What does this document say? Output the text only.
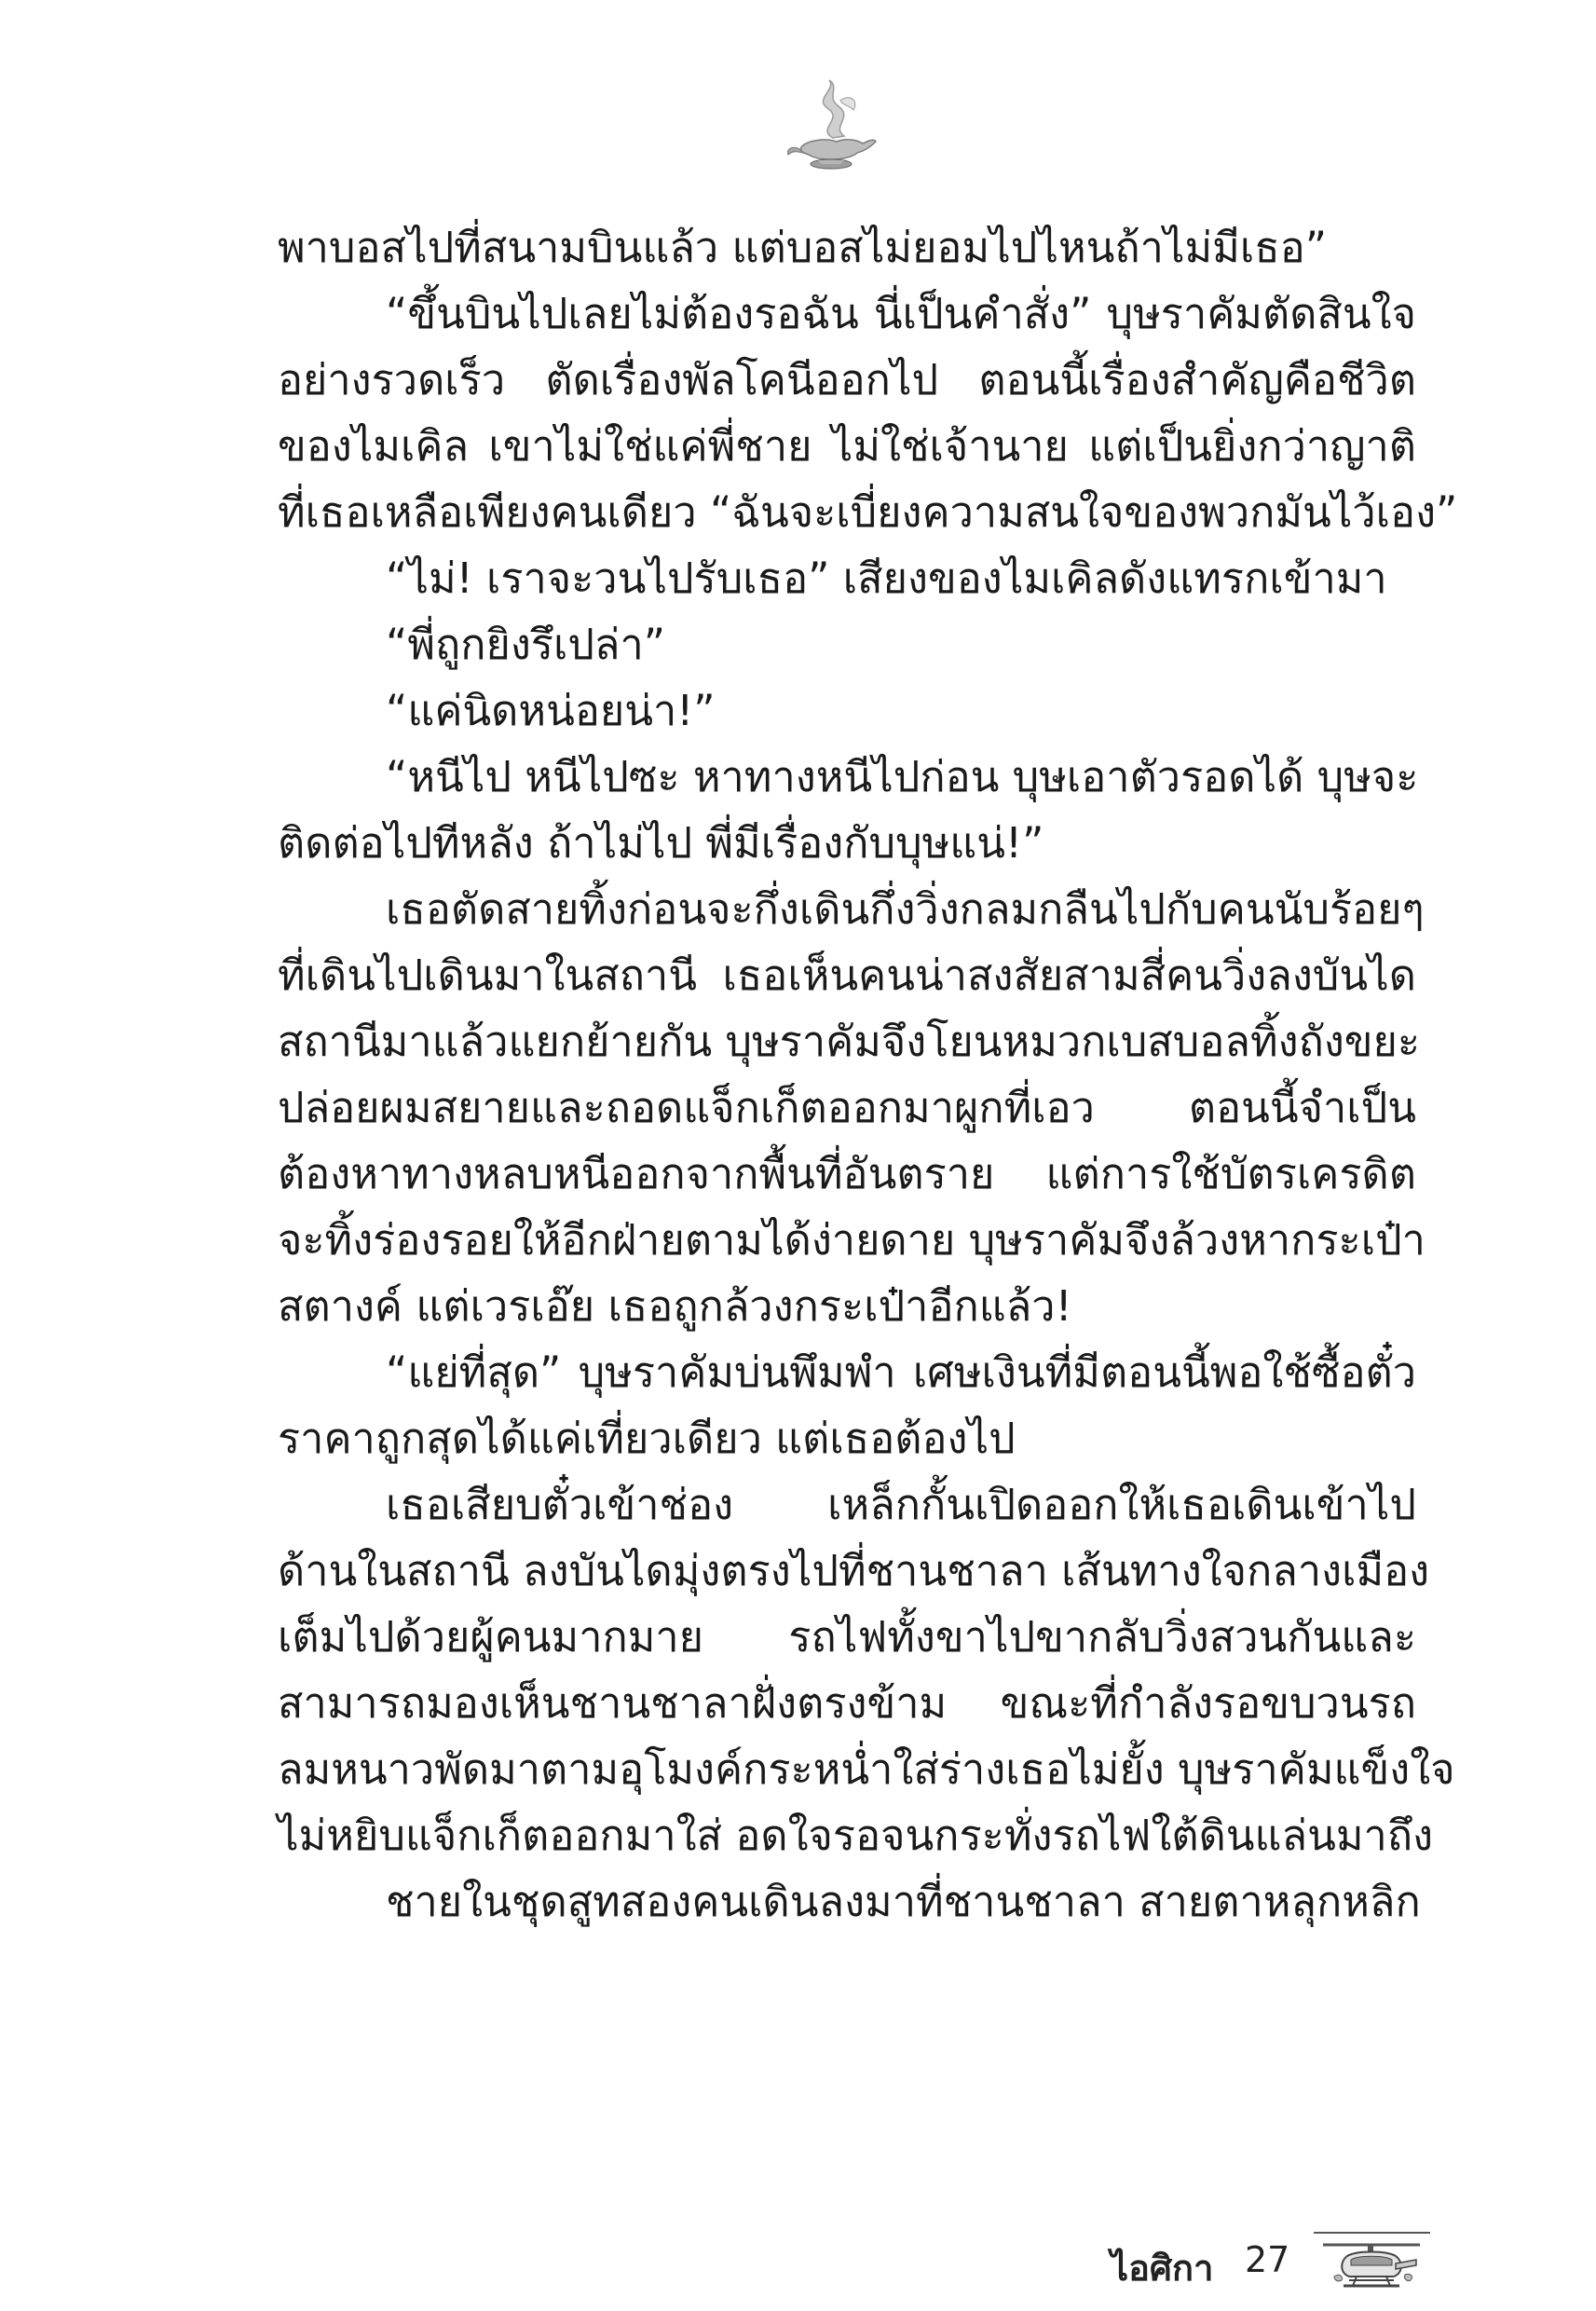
พาบอสไปที่สนามบินแล้ว แต่บอสไม่ยอมไปไหนถ้าไม่มีเธอ”
“ขึ้นบินไปเลยไม่ต้องรอฉัน นี่เป็นคำสั่ง” บุษราคัมตัดสินใจ
อย่างรวดเร็ว ตัดเรื่องพัลโคนีออกไป ตอนนี้เรื่องสำคัญคือชีวิต
ของไมเคิล เขาไม่ใช่แค่พี่ชาย ไม่ใช่เจ้านาย แต่เป็นยิ่งกว่าญาติ
ที่เธอเหลือเพียงคนเดียว “ฉันจะเบี่ยงความสนใจของพวกมันไว้เอง”
“ไม่! เราจะวนไปรับเธอ” เสียงของไมเคิลดังแทรกเข้ามา
“พี่ถูกยิงรึเปล่า”
“แค่นิดหน่อยน่า!”
“หนีไป หนีไปซะ หาทางหนีไปก่อน บุษเอาตัวรอดได้ บุษจะ
ติดต่อไปทีหลัง ถ้าไม่ไป พี่มีเรื่องกับบุษแน่!”
เธอตัดสายทิ้งก่อนจะกึ่งเดินกึ่งวิ่งกลมกลืนไปกับคนนับร้อยๆ
ที่เดินไปเดินมาในสถานี เธอเห็นคนน่าสงสัยสามสี่คนวิ่งลงบันได
สถานีมาแล้วแยกย้ายกัน บุษราคัมจึงโยนหมวกเบสบอลทิ้งถังขยะ
ปล่อยผมสยายและถอดแจ็กเก็ตออกมาผูกที่เอว ตอนนี้จำเป็น
ต้องหาทางหลบหนีออกจากพื้นที่อันตราย แต่การใช้บัตรเครดิต
จะทิ้งร่องรอยให้อีกฝ่ายตามได้ง่ายดาย บุษราคัมจึงล้วงหากระเป๋า
สตางค์ แต่เวรเอ๊ย เธอถูกล้วงกระเป๋าอีกแล้ว!
“แย่ที่สุด” บุษราคัมบ่นพึมพำ เศษเงินที่มีตอนนี้พอใช้ซื้อตั๋ว
ราคาถูกสุดได้แค่เที่ยวเดียว แต่เธอต้องไป
เธอเสียบตั๋วเข้าช่อง เหล็กกั้นเปิดออกให้เธอเดินเข้าไป
ด้านในสถานี ลงบันไดมุ่งตรงไปที่ชานชาลา เส้นทางใจกลางเมือง
เต็มไปด้วยผู้คนมากมาย รถไฟทั้งขาไปขากลับวิ่งสวนกันและ
สามารถมองเห็นชานชาลาฝั่งตรงข้าม ขณะที่กำลังรอขบวนรถ
ลมหนาวพัดมาตามอุโมงค์กระหน่ำใส่ร่างเธอไม่ยั้ง บุษราคัมแข็งใจ
ไม่หยิบแจ็กเก็ตออกมาใส่ อดใจรอจนกระทั่งรถไฟใต้ดินแล่นมาถึง
ชายในชุดสูทสองคนเดินลงมาที่ชานชาลา สายตาหลุกหลิก
ไอศิกา 27
